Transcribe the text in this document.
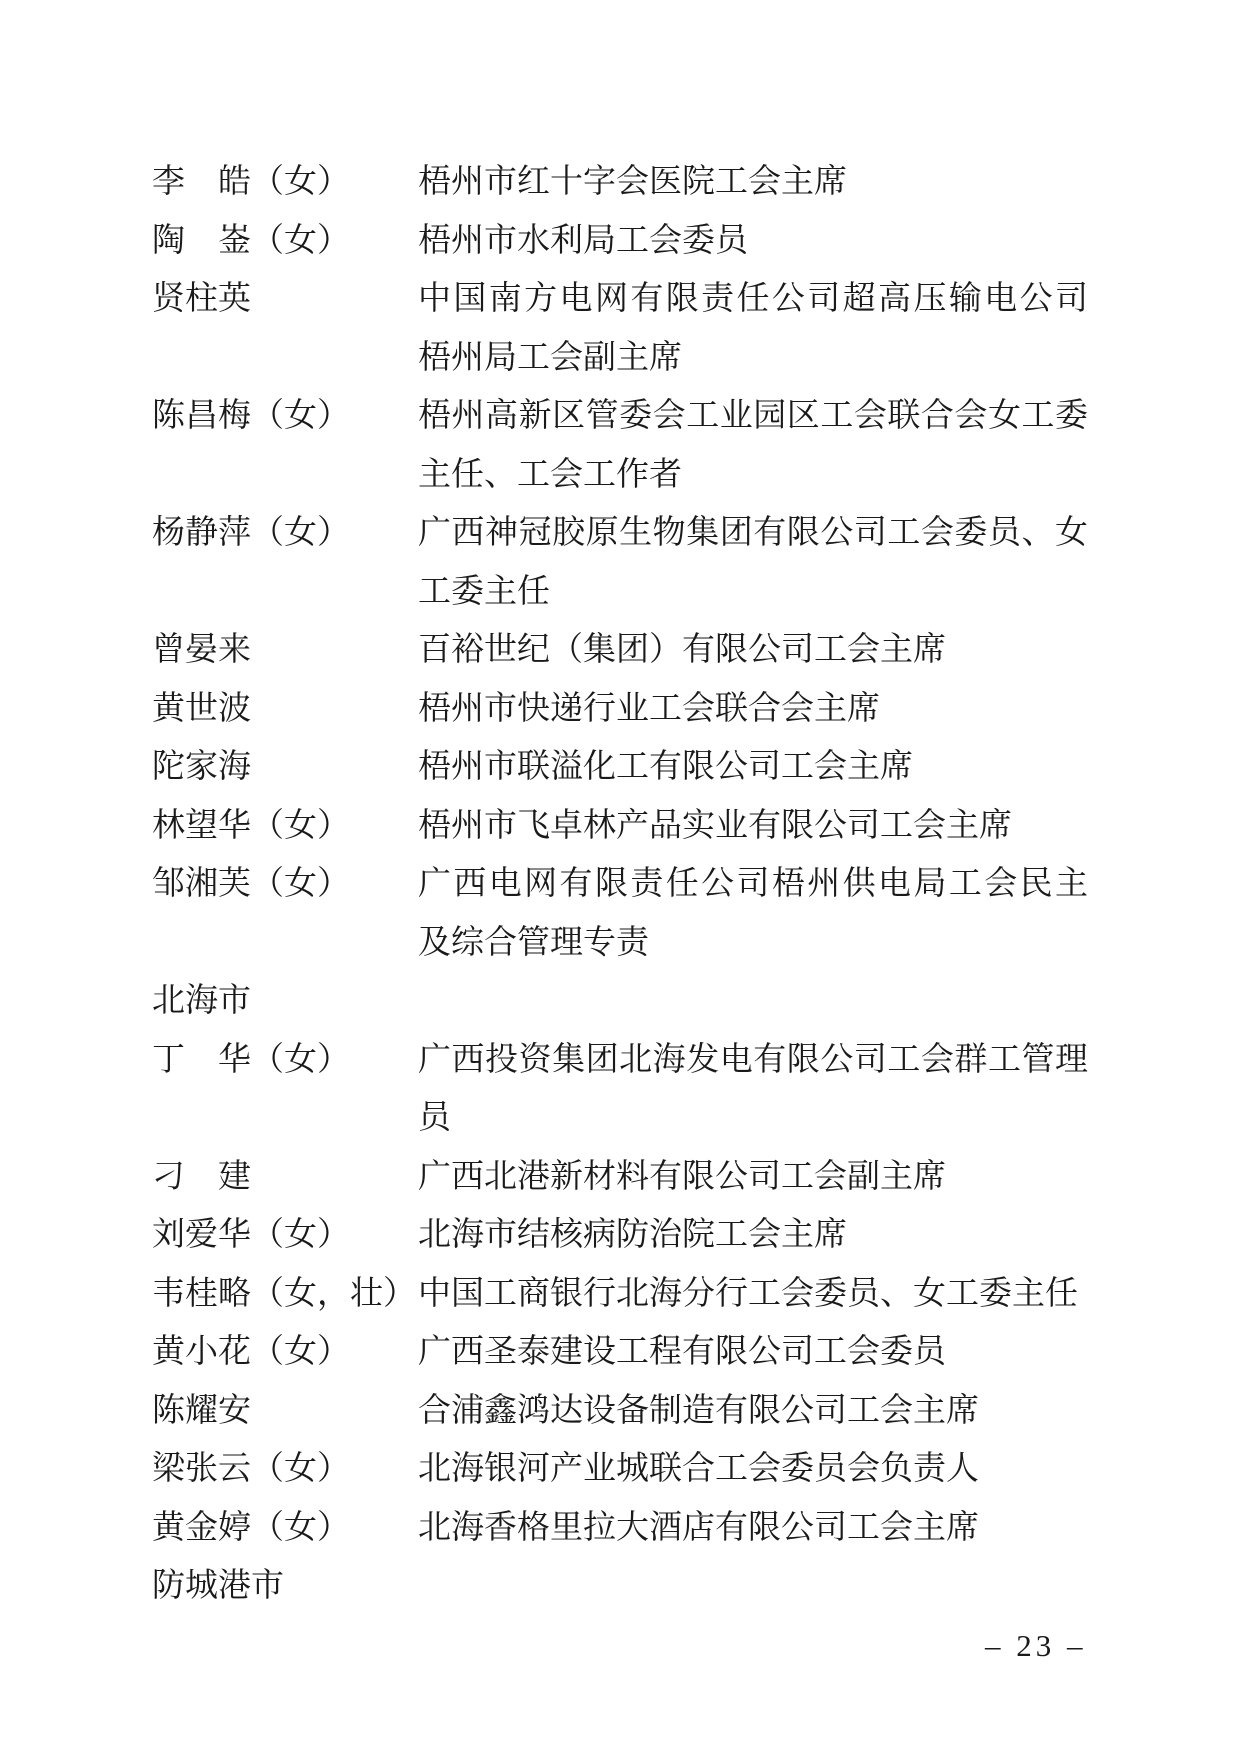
李　皓（女）	梧州市红十字会医院工会主席
陶　崟（女）	梧州市水利局工会委员
贤柱英	中国南方电网有限责任公司超高压输电公司
梧州局工会副主席
陈昌梅（女）	梧州高新区管委会工业园区工会联合会女工委
主任、工会工作者
杨静萍（女）	广西神冠胶原生物集团有限公司工会委员、女
工委主任
曾晏来	百裕世纪（集团）有限公司工会主席
黄世波	梧州市快递行业工会联合会主席
陀家海	梧州市联溢化工有限公司工会主席
林望华（女）	梧州市飞卓林产品实业有限公司工会主席
邹湘芙（女）	广西电网有限责任公司梧州供电局工会民主
及综合管理专责
北海市
丁　华（女）	广西投资集团北海发电有限公司工会群工管理
员
刁　建	广西北港新材料有限公司工会副主席
刘爱华（女）	北海市结核病防治院工会主席
韦桂略（女，壮） 中国工商银行北海分行工会委员、女工委主任
黄小花（女）	广西圣泰建设工程有限公司工会委员
陈耀安	合浦鑫鸿达设备制造有限公司工会主席
梁张云（女）	北海银河产业城联合工会委员会负责人
黄金婷（女）	北海香格里拉大酒店有限公司工会主席
防城港市
– 23 –
